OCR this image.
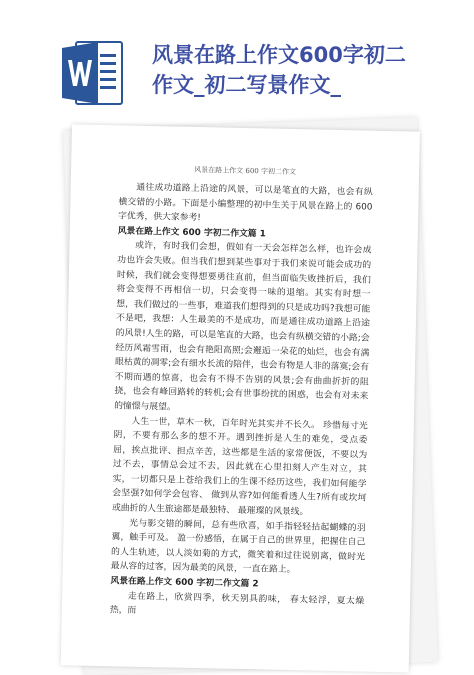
风景在路上作文600字初二
作文_初二写景作文_
风景在路上作文 600 字初二作文

通往成功道路上沿途的风景，可以是笔直的大路，也会有纵横交错的小路。下面是小编整理的初中生关于风景在路上的 600 字优秀，供大家参考!

风景在路上作文 600 字初二作文篇 1

或许，有时我们会想，假如有一天会怎样怎么样，也许会成功也许会失败。但当我们想到某些事对于我们来说可能会成功的时候，我们就会变得想要勇往直前，但当面临失败挫折后，我们将会变得不再相信一切，只会变得一味的退缩。其实有时想一想，我们做过的一些事，难道我们想得到的只是成功吗?我想可能不是吧，我想：人生最美的不是成功，而是通往成功道路上沿途的风景!人生的路，可以是笔直的大路，也会有纵横交错的小路;会经历风霜雪雨，也会有艳阳高照;会邂逅一朵花的灿烂，也会有满眼枯黄的凋零;会有细水长流的陪伴，也会有物是人非的落寞;会有不期而遇的惊喜，也会有不得不告别的风景;会有曲曲折折的阻挠，也会有峰回路转的转机;会有世事纷扰的困惑，也会有对未来的憧憬与展望。

人生一世，草木一秋，百年时光其实并不长久。 珍惜每寸光阴，不要有那么多的想不开。遇到挫折是人生的难免，受点委屈，挨点批评、担点辛苦，这些都是生活的家常便饭，不要以为过不去，事情总会过不去，因此就在心里扣刻人产生对立，其实，一切都只是上苍给我们上的生课不经历这些，我们如何能学会坚强?如何学会包容、 做到从容?如何能看透人生?所有或坎坷或曲折的人生旅途都是最独特、 最璀璨的风景线。

光与影交错的瞬间，总有些欣喜，如手指轻轻拈起蝴蝶的羽翼，触手可及。 盈一份感悟，在属于自己的世界里，把握住自己的人生轨迹，以人淡如菊的方式，微笑着和过往说别离，做时光最从容的过客，因为最美的风景，一直在路上。

风景在路上作文 600 字初二作文篇 2

走在路上，欣赏四季，秋天别具韵味， 春太轻浮，夏太燥热，而
